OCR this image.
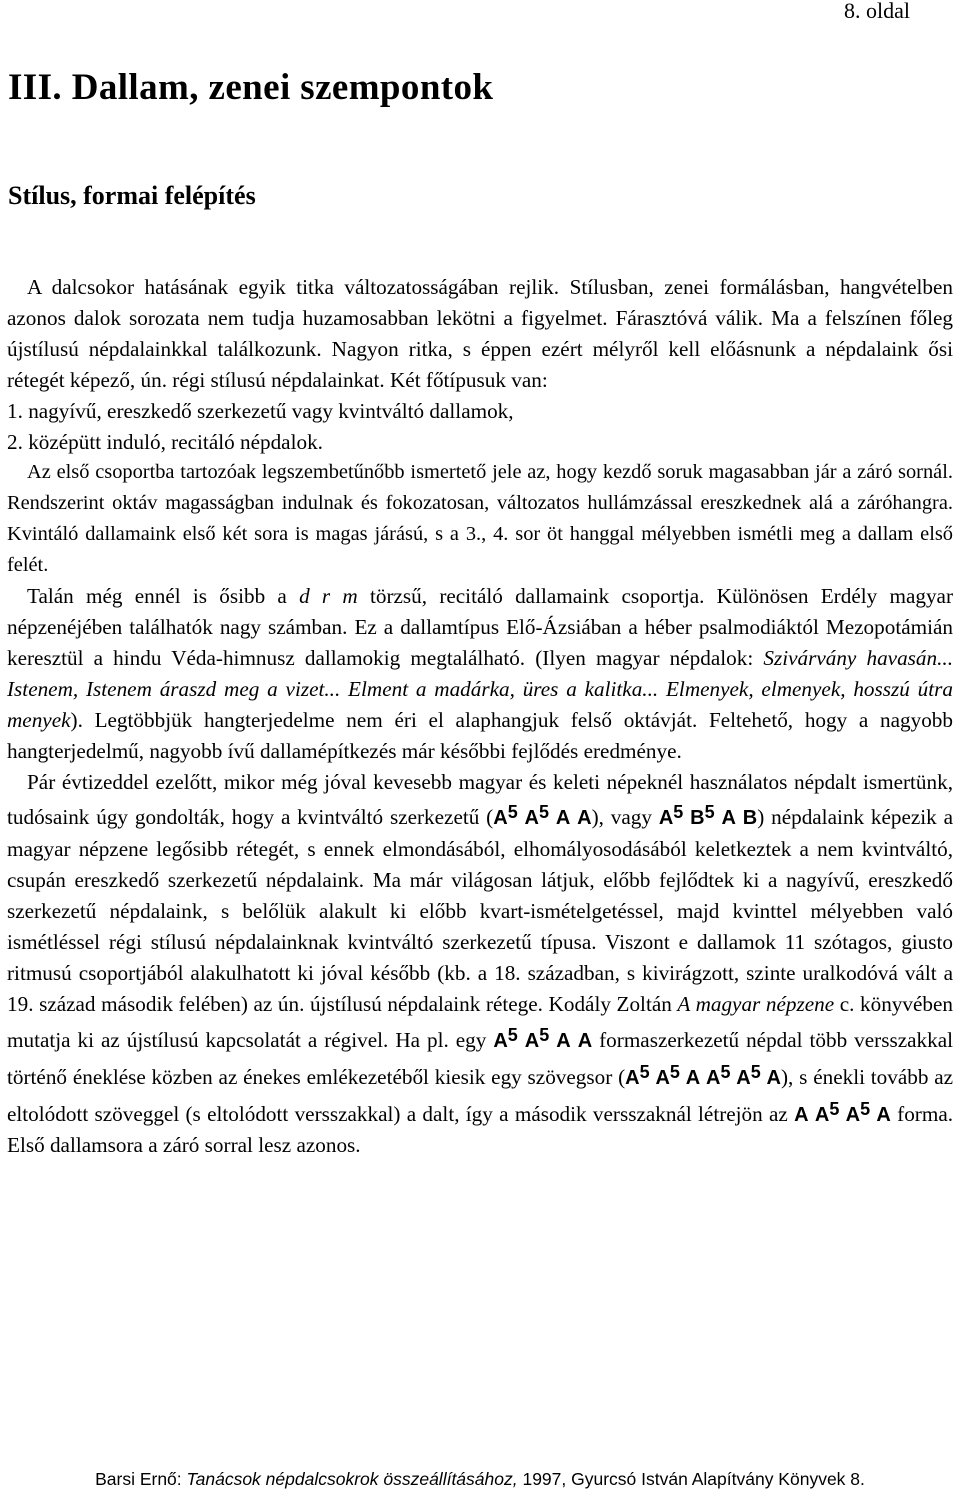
8. oldal
III. Dallam, zenei szempontok
Stílus, formai felépítés

A dalcsokor hatásának egyik titka változatosságában rejlik. Stílusban, zenei formálásban, hangvételben azonos dalok sorozata nem tudja huzamosabban lekötni a figyelmet. Fárasztóvá válik. Ma a felszínen főleg újstílusú népdalainkkal találkozunk. Nagyon ritka, s éppen ezért mélyről kell előásnunk a népdalaink ősi rétegét képező, ún. régi stílusú népdalainkat. Két főtípusuk van:

1. nagyívű, ereszkedő szerkezetű vagy kvintváltó dallamok,

2. középütt induló, recitáló népdalok.

Az első csoportba tartozóak legszembetűnőbb ismertető jele az, hogy kezdő soruk magasabban jár a záró sornál. Rendszerint oktáv magasságban indulnak és fokozatosan, változatos hullámzással ereszkednek alá a záróhangra. Kvintáló dallamaink első két sora is magas járású, s a 3., 4. sor öt hanggal mélyebben ismétli meg a dallam első felét.

Talán még ennél is ősibb a d r m törzsű, recitáló dallamaink csoportja. Különösen Erdély magyar népzenéjében találhatók nagy számban. Ez a dallamtípus Elő-Ázsiában a héber psalmodiáktól Mezopotámián keresztül a hindu Véda-himnusz dallamokig megtalálható. (Ilyen magyar népdalok: Szivárvány havasán... Istenem, Istenem áraszd meg a vizet... Elment a madárka, üres a kalitka... Elmenyek, elmenyek, hosszú útra menyek). Legtöbbjük hangterjedelme nem éri el alaphangjuk felső oktávját. Feltehető, hogy a nagyobb hangterjedelmű, nagyobb ívű dallamépítkezés már későbbi fejlődés eredménye.

Pár évtizeddel ezelőtt, mikor még jóval kevesebb magyar és keleti népeknél használatos népdalt ismertünk, tudósaink úgy gondolták, hogy a kvintváltó szerkezetű ($A^5$ $A^5$ A A), vagy $A^5$ $B^5$ A B) népdalaink képezik a magyar népzene legősibb rétegét, s ennek elmondásából, elhomályosodásából keletkeztek a nem kvintváltó, csupán ereszkedő szerkezetű népdalaink. Ma már világosan látjuk, előbb fejlődtek ki a nagyívű, ereszkedő szerkezetű népdalaink, s belőlük alakult ki előbb kvart-ismételgetéssel, majd kvinttel mélyebben való ismétléssel régi stílusú népdalainknak kvintváltó szerkezetű típusa. Viszont e dallamok 11 szótagos, giusto ritmusú csoportjából alakulhatott ki jóval később (kb. a 18. században, s kivirágzott, szinte uralkodóvá vált a 19. század második felében) az ún. újstílusú népdalaink rétege. Kodály Zoltán A magyar népzene c. könyvében mutatja ki az újstílusú kapcsolatát a régivel. Ha pl. egy $A^5$ $A^5$ A A formaszerkezetű népdal több versszakkal történő éneklése közben az énekes emlékezetéből kiesik egy szövegsor ($A^5$ $A^5$ A $A^5$ $A^5$ A), s énekli tovább az eltolódott szöveggel (s eltolódott versszakkal) a dalt, így a második versszaknál létrejön az A $A^5$ $A^5$ A forma. Első dallamsora a záró sorral lesz azonos.

Barsi Ernő: Tanácsok népdalcsokrok összeállításához, 1997, Gyurcsó István Alapítvány Könyvek 8.
